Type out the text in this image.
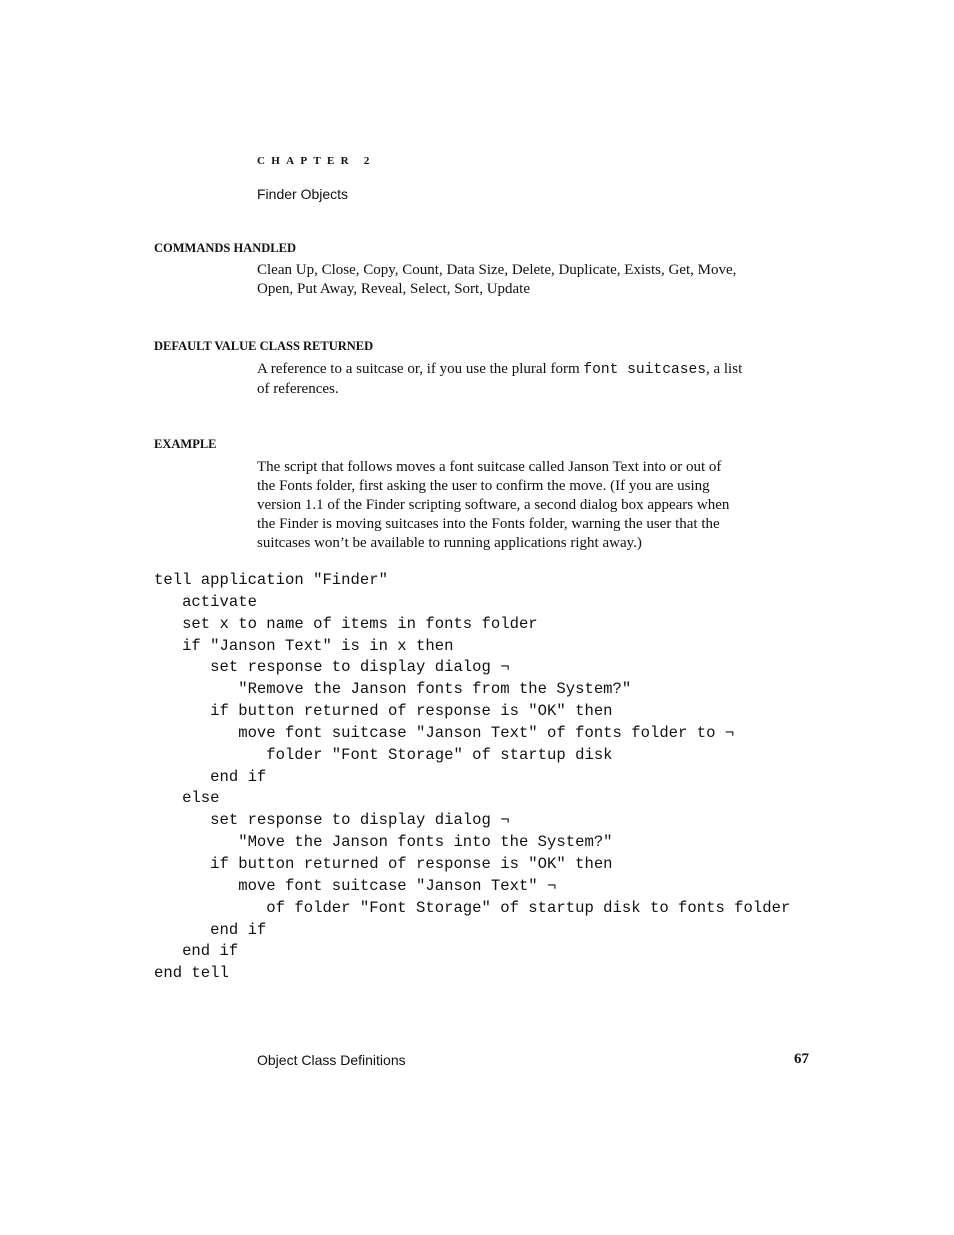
CHAPTER 2
Finder Objects
COMMANDS HANDLED
Clean Up, Close, Copy, Count, Data Size, Delete, Duplicate, Exists, Get, Move,
Open, Put Away, Reveal, Select, Sort, Update
DEFAULT VALUE CLASS RETURNED
A reference to a suitcase or, if you use the plural form font suitcases, a list
of references.
EXAMPLE
The script that follows moves a font suitcase called Janson Text into or out of
the Fonts folder, first asking the user to confirm the move. (If you are using
version 1.1 of the Finder scripting software, a second dialog box appears when
the Finder is moving suitcases into the Fonts folder, warning the user that the
suitcases won’t be available to running applications right away.)
tell application "Finder"
activate
set x to name of items in fonts folder
if "Janson Text" is in x then
set response to display dialog ¬
"Remove the Janson fonts from the System?"
if button returned of response is "OK" then
move font suitcase "Janson Text" of fonts folder to ¬
folder "Font Storage" of startup disk
end if
else
set response to display dialog ¬
"Move the Janson fonts into the System?"
if button returned of response is "OK" then
move font suitcase "Janson Text" ¬
of folder "Font Storage" of startup disk to fonts folder
end if
end if
end tell
Object Class Definitions	67
